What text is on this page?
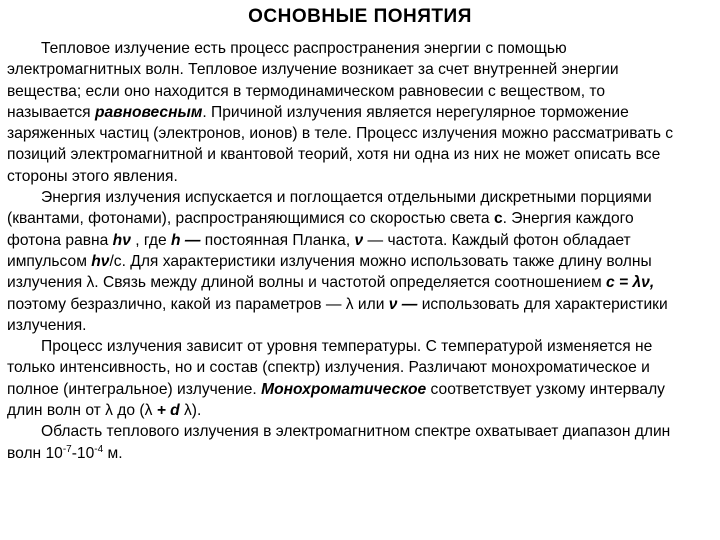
ОСНОВНЫЕ ПОНЯТИЯ

Тепловое излучение есть процесс распространения энергии с помощью электромагнитных волн. Тепловое излучение возникает за счет внутренней энергии вещества; если оно находится в термодинамическом равновесии с веществом, то называется равновесным. Причиной излучения является нерегулярное торможение заряженных частиц (электронов, ионов) в теле. Процесс излучения можно рассматривать с позиций электромагнитной и квантовой теорий, хотя ни одна из них не может описать все стороны этого явления.

Энергия излучения испускается и поглощается отдельными дискретными порциями (квантами, фотонами), распространяющимися со скоростью света с. Энергия каждого фотона равна hν , где h — постоянная Планка, ν — частота. Каждый фотон обладает импульсом hν/с. Для характеристики излучения можно использовать также длину волны излучения λ. Связь между длиной волны и частотой определяется соотношением с = λν, поэтому безразлично, какой из параметров — λ или ν — использовать для характеристики излучения.

Процесс излучения зависит от уровня температуры. С температурой изменяется не только интенсивность, но и состав (спектр) излучения. Различают монохроматическое и полное (интегральное) излучение. Монохроматическое соответствует узкому интервалу длин волн от λ до (λ + d λ).

Область теплового излучения в электромагнитном спектре охватывает диапазон длин волн $10^{-7}-10^{-4}$ м.
